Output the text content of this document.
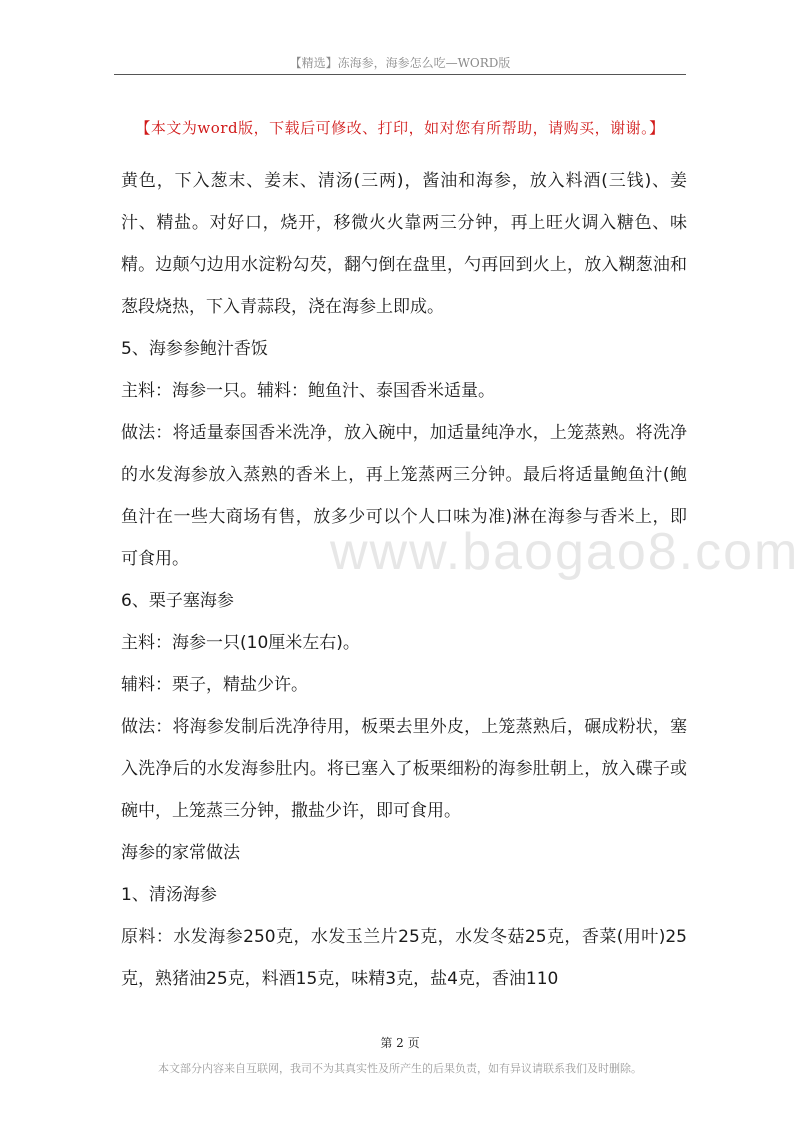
【精选】冻海参，海参怎么吃—WORD版
【本文为word版，下载后可修改、打印，如对您有所帮助，请购买，谢谢。】
www.baogao8.com

黄色，下入葱末、姜末、清汤(三两)，酱油和海参，放入料酒(三钱)、姜汁、精盐。对好口，烧开，移微火火靠两三分钟，再上旺火调入糖色、味精。边颠勺边用水淀粉勾芡，翻勺倒在盘里，勺再回到火上，放入糊葱油和葱段烧热，下入青蒜段，浇在海参上即成。

5、海参参鲍汁香饭

主料：海参一只。辅料：鲍鱼汁、泰国香米适量。

做法：将适量泰国香米洗净，放入碗中，加适量纯净水，上笼蒸熟。将洗净的水发海参放入蒸熟的香米上，再上笼蒸两三分钟。最后将适量鲍鱼汁(鲍鱼汁在一些大商场有售，放多少可以个人口味为准)淋在海参与香米上，即可食用。

6、栗子塞海参

主料：海参一只(10厘米左右)。

辅料：栗子，精盐少许。

做法：将海参发制后洗净待用，板栗去里外皮，上笼蒸熟后，碾成粉状，塞入洗净后的水发海参肚内。将已塞入了板栗细粉的海参肚朝上，放入碟子或碗中，上笼蒸三分钟，撒盐少许，即可食用。

海参的家常做法

1、清汤海参

原料：水发海参250克，水发玉兰片25克，水发冬菇25克，香菜(用叶)25克，熟猪油25克，料酒15克，味精3克，盐4克，香油110

第 2 页
本文部分内容来自互联网，我司不为其真实性及所产生的后果负责，如有异议请联系我们及时删除。
